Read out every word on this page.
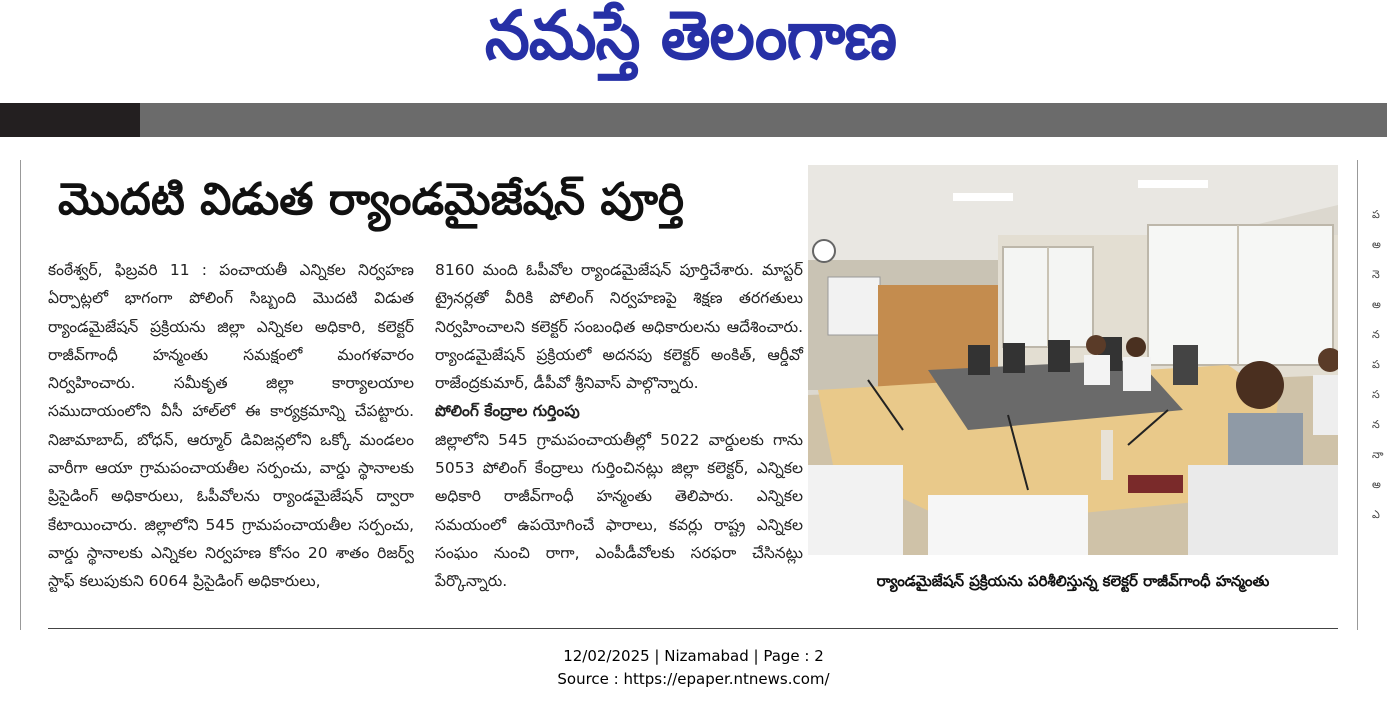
నమస్తే తెలంగాణ
మొదటి విడుత ర్యాండమైజేషన్ పూర్తి

కంఠేశ్వర్, ఫిబ్రవరి 11 : పంచాయతీ ఎన్నికల నిర్వహణ ఏర్పాట్లలో భాగంగా పోలింగ్ సిబ్బంది మొదటి విడుత ర్యాండమైజేషన్ ప్రక్రియను జిల్లా ఎన్నికల అధికారి, కలెక్టర్ రాజీవ్‌గాంధీ హన్మంతు సమక్షంలో మంగళవారం నిర్వహించారు. సమీకృత జిల్లా కార్యాలయాల సముదాయంలోని వీసీ హాల్‌లో ఈ కార్యక్రమాన్ని చేపట్టారు. నిజామాబాద్, బోధన్, ఆర్మూర్ డివిజన్లలోని ఒక్కో మండలం వారీగా ఆయా గ్రామపంచాయతీల సర్పంచు, వార్డు స్థానాలకు ప్రిసైడింగ్ అధికారులు, ఓపీవోలను ర్యాండమైజేషన్ ద్వారా కేటాయించారు. జిల్లాలోని 545 గ్రామపంచాయతీల సర్పంచు, వార్డు స్థానాలకు ఎన్నికల నిర్వహణ కోసం 20 శాతం రిజర్వ్ స్టాఫ్ కలుపుకుని 6064 ప్రిసైడింగ్ అధికారులు,

8160 మంది ఓపీవోల ర్యాండమైజేషన్ పూర్తిచేశారు. మాస్టర్ ట్రైనర్లతో వీరికి పోలింగ్ నిర్వహణపై శిక్షణ తరగతులు నిర్వహించాలని కలెక్టర్ సంబంధిత అధికారులను ఆదేశించారు. ర్యాండమైజేషన్ ప్రక్రియలో అదనపు కలెక్టర్ అంకిత్, ఆర్డీవో రాజేంద్రకుమార్, డీపీవో శ్రీనివాస్ పాల్గొన్నారు.

పోలింగ్ కేంద్రాల గుర్తింపు

జిల్లాలోని 545 గ్రామపంచాయతీల్లో 5022 వార్డులకు గాను 5053 పోలింగ్ కేంద్రాలు గుర్తించినట్లు జిల్లా కలెక్టర్, ఎన్నికల అధికారి రాజీవ్‌గాంధీ హన్మంతు తెలిపారు. ఎన్నికల సమయంలో ఉపయోగించే ఫారాలు, కవర్లు రాష్ట్ర ఎన్నికల సంఘం నుంచి రాగా, ఎంపీడీవోలకు సరఫరా చేసినట్లు పేర్కొన్నారు.	ర్యాండమైజేషన్ ప్రక్రియను పరిశీలిస్తున్న కలెక్టర్ రాజీవ్‌గాంధీ హన్మంతు
ప
అ
నె
అ
న
ప
స
న
నా
అ
ఎ
12/02/2025 | Nizamabad | Page : 2
Source : https://epaper.ntnews.com/
